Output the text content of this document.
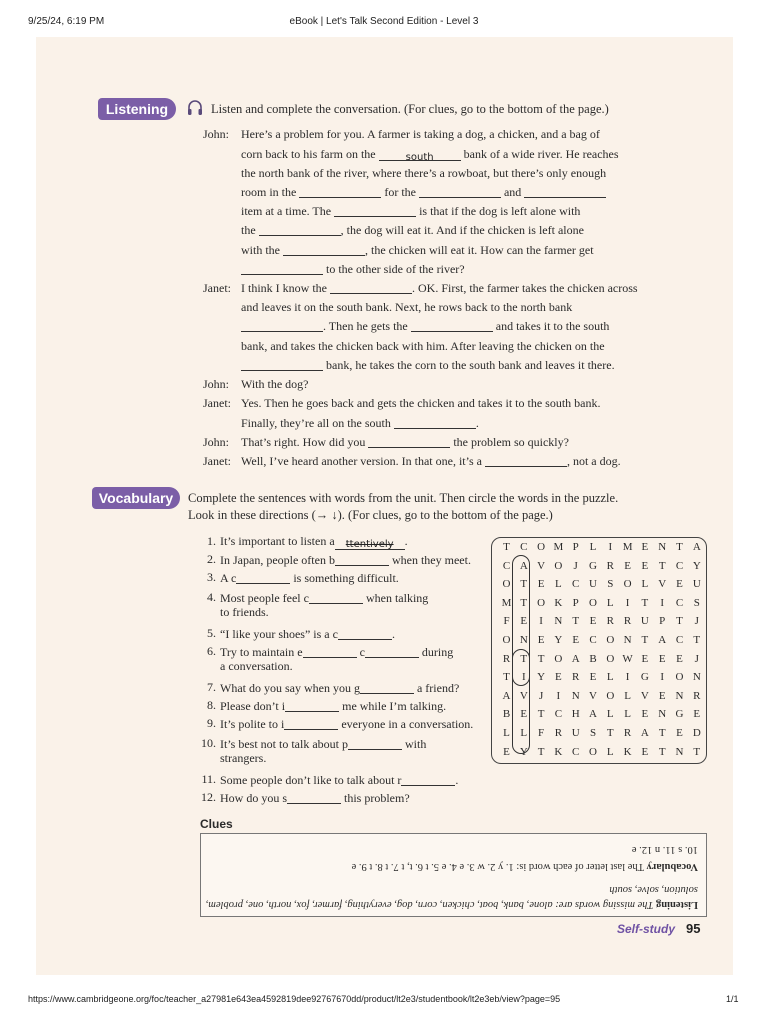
9/25/24, 6:19 PM	eBook | Let's Talk Second Edition - Level 3
Listening	Listen and complete the conversation. (For clues, go to the bottom of the page.)
John: Here’s a problem for you. A farmer is taking a dog, a chicken, and a bag of
corn back to his farm on the	south bank of a wide river. He reaches
the north bank of the river, where there’s a rowboat, but there’s only enough
room in the	for the	and
item at a time. The	is that if the dog is left alone with
the	, the dog will eat it. And if the chicken is left alone
with the	, the chicken will eat it. How can the farmer get
to the other side of the river?
Janet: I think I know the	. OK. First, the farmer takes the chicken across
and leaves it on the south bank. Next, he rows back to the north bank
. Then he gets the	and takes it to the south
bank, and takes the chicken back with him. After leaving the chicken on the
bank, he takes the corn to the south bank and leaves it there.
John: With the dog?
Janet: Yes. Then he goes back and gets the chicken and takes it to the south bank.
Finally, they’re all on the south	.
John: That’s right. How did you	the problem so quickly?
Janet: Well, I’ve heard another version. In that one, it’s a	, not a dog.
Vocabulary	Complete the sentences with words from the unit. Then circle the words in the puzzle.
Look in these directions (→ ↓). (For clues, go to the bottom of the page.)
1. It’s important to listen a ttentively .
2. In Japan, people often b	when they meet.
3. A c	is something difficult.
4. Most people feel c	when talking
to friends.
5. “I like your shoes” is a c	.
6. Try to maintain e	c	during
a conversation.
7. What do you say when you g	a friend?
8. Please don’t i	me while I’m talking.
9. It’s polite to i	everyone in a conversation.
10. It’s best not to talk about p	with
strangers.
11. Some people don’t like to talk about r	.
12. How do you s	this problem?
T C O M P L	I M E N T A
C A V O	J	G R E E T C Y
O T E L C U S O L V E U
M T O K P O L	I	T	I	C S
F E	I	N T E R R U P T	J
O N E Y E C O N T A C T
R T T O A B O W E E E	J
T	I	Y E R E L	I	G	I	O N
A V	J	I	N V O L V E N R
B E T C H A L L E N G E
L L F R U S T R A T E D
E Y T K C O L K E T N T
Clues
Listening The missing words are: alone, bank, boat, chicken, corn, dog, everything, farmer, fox, north, one, problem,
solution, solve, south
Vocabulary The last letter of each word is: 1. y 2. w 3. e 4. e 5. t 6. t, t 7. t 8. t 9. e
10. s 11. n 12. e
Self-study 95
https://www.cambridgeone.org/foc/teacher_a27981e643ea4592819dee92767670dd/product/lt2e3/studentbook/lt2e3eb/view?page=95	1/1
